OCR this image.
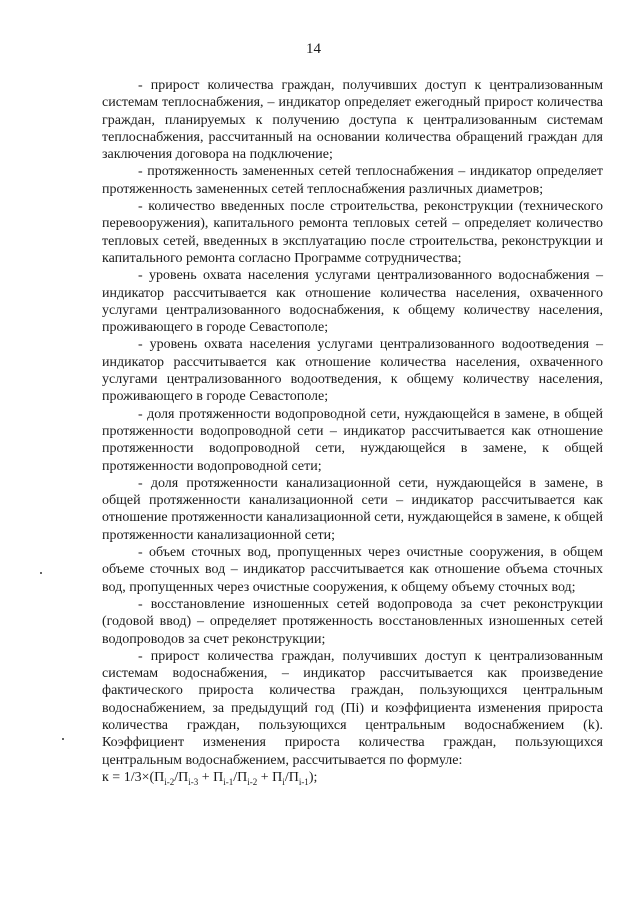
14

- прирост количества граждан, получивших доступ к централизованным системам теплоснабжения, – индикатор определяет ежегодный прирост количества граждан, планируемых к получению доступа к централизованным системам теплоснабжения, рассчитанный на основании количества обращений граждан для заключения договора на подключение;

- протяженность замененных сетей теплоснабжения – индикатор определяет протяженность замененных сетей теплоснабжения различных диаметров;

- количество введенных после строительства, реконструкции (технического перевооружения), капитального ремонта тепловых сетей – определяет количество тепловых сетей, введенных в эксплуатацию после строительства, реконструкции и капитального ремонта согласно Программе сотрудничества;

- уровень охвата населения услугами централизованного водоснабжения – индикатор рассчитывается как отношение количества населения, охваченного услугами централизованного водоснабжения, к общему количеству населения, проживающего в городе Севастополе;

- уровень охвата населения услугами централизованного водоотведения – индикатор рассчитывается как отношение количества населения, охваченного услугами централизованного водоотведения, к общему количеству населения, проживающего в городе Севастополе;

- доля протяженности водопроводной сети, нуждающейся в замене, в общей протяженности водопроводной сети – индикатор рассчитывается как отношение протяженности водопроводной сети, нуждающейся в замене, к общей протяженности водопроводной сети;

- доля протяженности канализационной сети, нуждающейся в замене, в общей протяженности канализационной сети – индикатор рассчитывается как отношение протяженности канализационной сети, нуждающейся в замене, к общей протяженности канализационной сети;

- объем сточных вод, пропущенных через очистные сооружения, в общем объеме сточных вод – индикатор рассчитывается как отношение объема сточных вод, пропущенных через очистные сооружения, к общему объему сточных вод;

- восстановление изношенных сетей водопровода за счет реконструкции (годовой ввод) – определяет протяженность восстановленных изношенных сетей водопроводов за счет реконструкции;

- прирост количества граждан, получивших доступ к централизованным системам водоснабжения, – индикатор рассчитывается как произведение фактического прироста количества граждан, пользующихся центральным водоснабжением, за предыдущий год (Пi) и коэффициента изменения прироста количества граждан, пользующихся центральным водоснабжением (k). Коэффициент изменения прироста количества граждан, пользующихся центральным водоснабжением, рассчитывается по формуле:

$к = 1/3\times(П_{i-2}/П_{i-3} + П_{i-1}/П_{i-2} + П_i/П_{i-1})$;
